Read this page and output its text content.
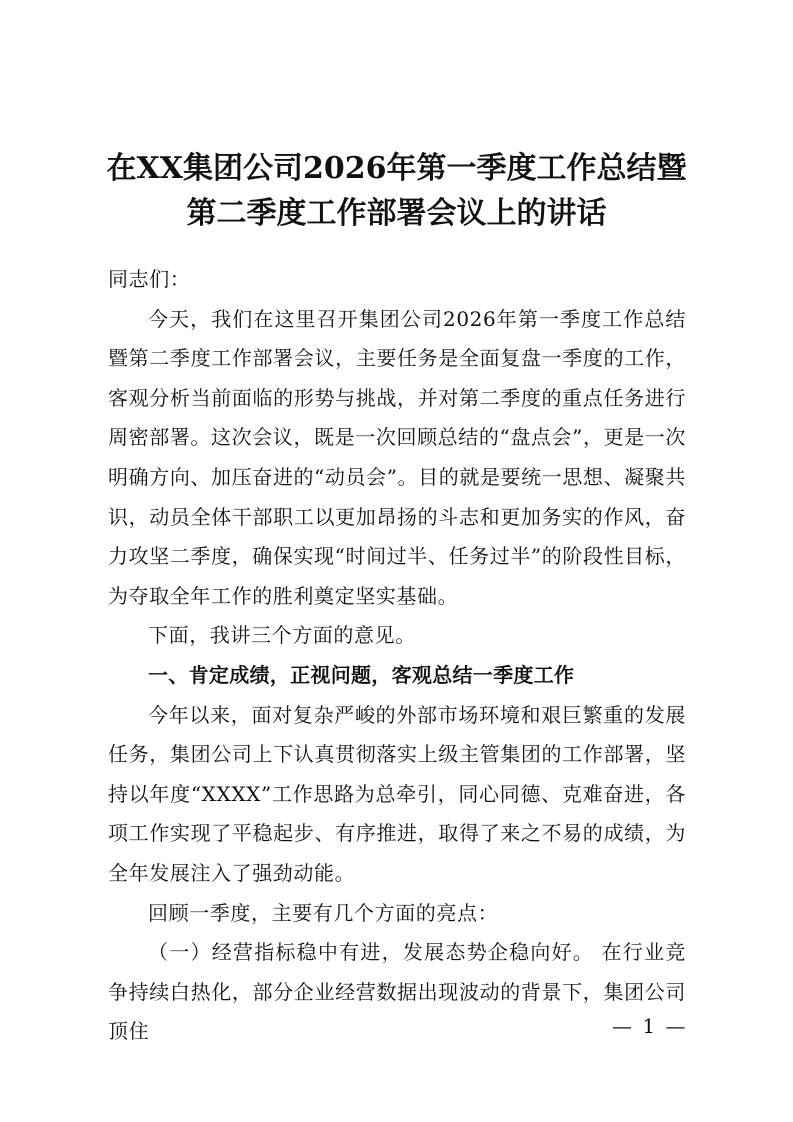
在XX集团公司2026年第一季度工作总结暨
第二季度工作部署会议上的讲话

同志们：

今天，我们在这里召开集团公司2026年第一季度工作总结暨第二季度工作部署会议，主要任务是全面复盘一季度的工作，客观分析当前面临的形势与挑战，并对第二季度的重点任务进行周密部署。这次会议，既是一次回顾总结的“盘点会”，更是一次明确方向、加压奋进的“动员会”。目的就是要统一思想、凝聚共识，动员全体干部职工以更加昂扬的斗志和更加务实的作风，奋力攻坚二季度，确保实现“时间过半、任务过半”的阶段性目标，为夺取全年工作的胜利奠定坚实基础。

下面，我讲三个方面的意见。

一、肯定成绩，正视问题，客观总结一季度工作

今年以来，面对复杂严峻的外部市场环境和艰巨繁重的发展任务，集团公司上下认真贯彻落实上级主管集团的工作部署，坚持以年度“XXXX”工作思路为总牵引，同心同德、克难奋进，各项工作实现了平稳起步、有序推进，取得了来之不易的成绩，为全年发展注入了强劲动能。

回顾一季度，主要有几个方面的亮点：

（一）经营指标稳中有进，发展态势企稳向好。 在行业竞争持续白热化，部分企业经营数据出现波动的背景下，集团公司顶住	— 1 —
